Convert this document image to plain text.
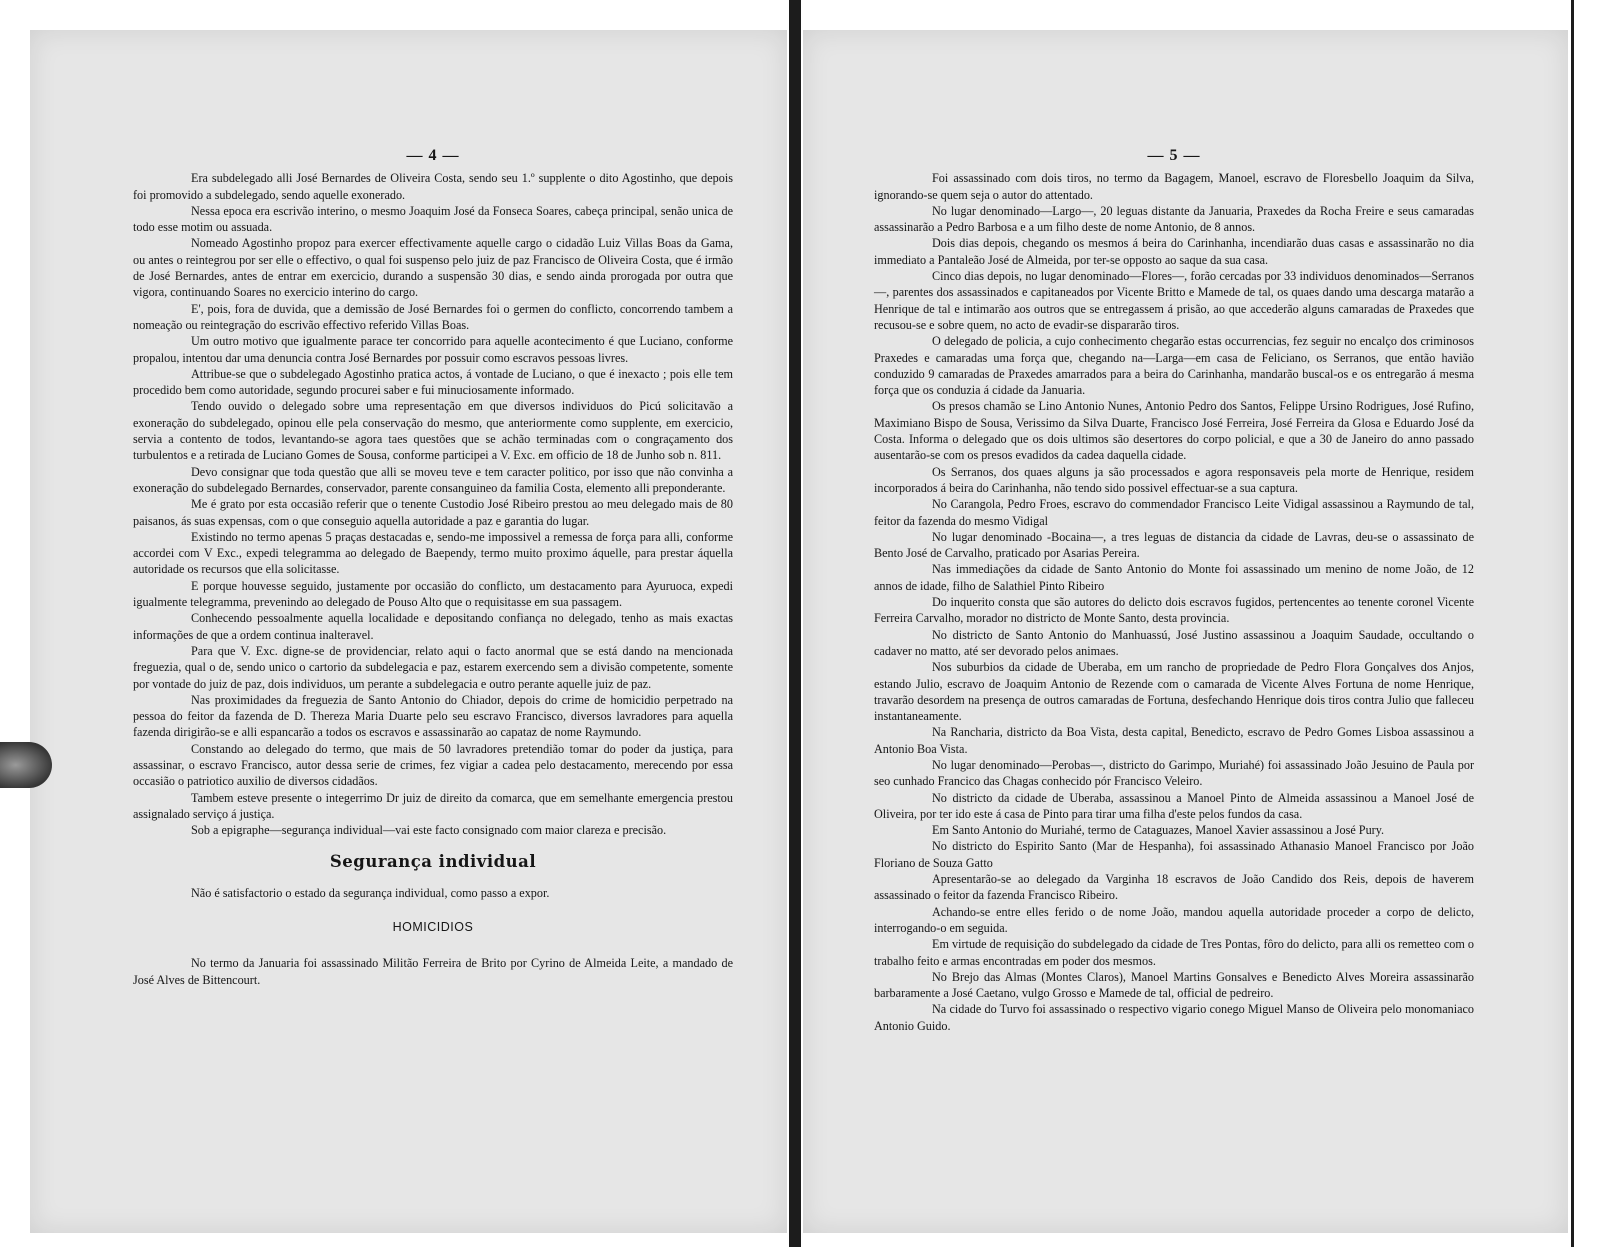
— 4 —

Era subdelegado alli José Bernardes de Oliveira Costa, sendo seu 1.º supplente o dito Agostinho, que depois foi promovido a subdelegado, sendo aquelle exonerado.

Nessa epoca era escrivão interino, o mesmo Joaquim José da Fonseca Soares, cabeça principal, senão unica de todo esse motim ou assuada.

Nomeado Agostinho propoz para exercer effectivamente aquelle cargo o cidadão Luiz Villas Boas da Gama, ou antes o reintegrou por ser elle o effectivo, o qual foi suspenso pelo juiz de paz Francisco de Oliveira Costa, que é irmão de José Bernardes, antes de entrar em exercicio, durando a suspensão 30 dias, e sendo ainda prorogada por outra que vigora, continuando Soares no exercicio interino do cargo.

E', pois, fora de duvida, que a demissão de José Bernardes foi o germen do conflicto, concorrendo tambem a nomeação ou reintegração do escrivão effectivo referido Villas Boas.

Um outro motivo que igualmente parace ter concorrido para aquelle acontecimento é que Luciano, conforme propalou, intentou dar uma denuncia contra José Bernardes por possuir como escravos pessoas livres.

Attribue-se que o subdelegado Agostinho pratica actos, á vontade de Luciano, o que é inexacto ; pois elle tem procedido bem como autoridade, segundo procurei saber e fui minuciosamente informado.

Tendo ouvido o delegado sobre uma representação em que diversos individuos do Picú solicitavão a exoneração do subdelegado, opinou elle pela conservação do mesmo, que anteriormente como supplente, em exercicio, servia a contento de todos, levantando-se agora taes questões que se achão terminadas com o congraçamento dos turbulentos e a retirada de Luciano Gomes de Sousa, conforme participei a V. Exc. em officio de 18 de Junho sob n. 811.

Devo consignar que toda questão que alli se moveu teve e tem caracter politico, por isso que não convinha a exoneração do subdelegado Bernardes, conservador, parente consanguineo da familia Costa, elemento alli preponderante.

Me é grato por esta occasião referir que o tenente Custodio José Ribeiro prestou ao meu delegado mais de 80 paisanos, ás suas expensas, com o que conseguio aquella autoridade a paz e garantia do lugar.

Existindo no termo apenas 5 praças destacadas e, sendo-me impossivel a remessa de força para alli, conforme accordei com V Exc., expedi telegramma ao delegado de Baependy, termo muito proximo áquelle, para prestar áquella autoridade os recursos que ella solicitasse.

E porque houvesse seguido, justamente por occasião do conflicto, um destacamento para Ayuruoca, expedi igualmente telegramma, prevenindo ao delegado de Pouso Alto que o requisitasse em sua passagem.

Conhecendo pessoalmente aquella localidade e depositando confiança no delegado, tenho as mais exactas informações de que a ordem continua inalteravel.

Para que V. Exc. digne-se de providenciar, relato aqui o facto anormal que se está dando na mencionada freguezia, qual o de, sendo unico o cartorio da subdelegacia e paz, estarem exercendo sem a divisão competente, somente por vontade do juiz de paz, dois individuos, um perante a subdelegacia e outro perante aquelle juiz de paz.

Nas proximidades da freguezia de Santo Antonio do Chiador, depois do crime de homicidio perpetrado na pessoa do feitor da fazenda de D. Thereza Maria Duarte pelo seu escravo Francisco, diversos lavradores para aquella fazenda dirigirão-se e alli espancarão a todos os escravos e assassinarão ao capataz de nome Raymundo.

Constando ao delegado do termo, que mais de 50 lavradores pretendião tomar do poder da justiça, para assassinar, o escravo Francisco, autor dessa serie de crimes, fez vigiar a cadea pelo destacamento, merecendo por essa occasião o patriotico auxilio de diversos cidadãos.

Tambem esteve presente o integerrimo Dr juiz de direito da comarca, que em semelhante emergencia prestou assignalado serviço á justiça.

Sob a epigraphe—segurança individual—vai este facto consignado com maior clareza e precisão.

Segurança individual

Não é satisfactorio o estado da segurança individual, como passo a expor.

HOMICIDIOS

No termo da Januaria foi assassinado Militão Ferreira de Brito por Cyrino de Almeida Leite, a mandado de José Alves de Bittencourt.

— 5 —

Foi assassinado com dois tiros, no termo da Bagagem, Manoel, escravo de Floresbello Joaquim da Silva, ignorando-se quem seja o autor do attentado.

No lugar denominado—Largo—, 20 leguas distante da Januaria, Praxedes da Rocha Freire e seus camaradas assassinarão a Pedro Barbosa e a um filho deste de nome Antonio, de 8 annos.

Dois dias depois, chegando os mesmos á beira do Carinhanha, incendiarão duas casas e assassinarão no dia immediato a Pantaleão José de Almeida, por ter-se opposto ao saque da sua casa.

Cinco dias depois, no lugar denominado—Flores—, forão cercadas por 33 individuos denominados—Serranos—, parentes dos assassinados e capitaneados por Vicente Britto e Mamede de tal, os quaes dando uma descarga matarão a Henrique de tal e intimarão aos outros que se entregassem á prisão, ao que accederão alguns camaradas de Praxedes que recusou-se e sobre quem, no acto de evadir-se dispararão tiros.

O delegado de policia, a cujo conhecimento chegarão estas occurrencias, fez seguir no encalço dos criminosos Praxedes e camaradas uma força que, chegando na—Larga—em casa de Feliciano, os Serranos, que então havião conduzido 9 camaradas de Praxedes amarrados para a beira do Carinhanha, mandarão buscal-os e os entregarão á mesma força que os conduzia á cidade da Januaria.

Os presos chamão se Lino Antonio Nunes, Antonio Pedro dos Santos, Felippe Ursino Rodrigues, José Rufino, Maximiano Bispo de Sousa, Verissimo da Silva Duarte, Francisco José Ferreira, José Ferreira da Glosa e Eduardo José da Costa. Informa o delegado que os dois ultimos são desertores do corpo policial, e que a 30 de Janeiro do anno passado ausentarão-se com os presos evadidos da cadea daquella cidade.

Os Serranos, dos quaes alguns ja são processados e agora responsaveis pela morte de Henrique, residem incorporados á beira do Carinhanha, não tendo sido possivel effectuar-se a sua captura.

No Carangola, Pedro Froes, escravo do commendador Francisco Leite Vidigal assassinou a Raymundo de tal, feitor da fazenda do mesmo Vidigal

No lugar denominado -Bocaina—, a tres leguas de distancia da cidade de Lavras, deu-se o assassinato de Bento José de Carvalho, praticado por Asarias Pereira.

Nas immediações da cidade de Santo Antonio do Monte foi assassinado um menino de nome João, de 12 annos de idade, filho de Salathiel Pinto Ribeiro

Do inquerito consta que são autores do delicto dois escravos fugidos, pertencentes ao tenente coronel Vicente Ferreira Carvalho, morador no districto de Monte Santo, desta provincia.

No districto de Santo Antonio do Manhuassú, José Justino assassinou a Joaquim Saudade, occultando o cadaver no matto, até ser devorado pelos animaes.

Nos suburbios da cidade de Uberaba, em um rancho de propriedade de Pedro Flora Gonçalves dos Anjos, estando Julio, escravo de Joaquim Antonio de Rezende com o camarada de Vicente Alves Fortuna de nome Henrique, travarão desordem na presença de outros camaradas de Fortuna, desfechando Henrique dois tiros contra Julio que falleceu instantaneamente.

Na Rancharia, districto da Boa Vista, desta capital, Benedicto, escravo de Pedro Gomes Lisboa assassinou a Antonio Boa Vista.

No lugar denominado—Perobas—, districto do Garimpo, Muriahé) foi assassinado João Jesuino de Paula por seo cunhado Francico das Chagas conhecido pór Francisco Veleiro.

No districto da cidade de Uberaba, assassinou a Manoel Pinto de Almeida assassinou a Manoel José de Oliveira, por ter ido este á casa de Pinto para tirar uma filha d'este pelos fundos da casa.

Em Santo Antonio do Muriahé, termo de Cataguazes, Manoel Xavier assassinou a José Pury.

No districto do Espirito Santo (Mar de Hespanha), foi assassinado Athanasio Manoel Francisco por João Floriano de Souza Gatto

Apresentarão-se ao delegado da Varginha 18 escravos de João Candido dos Reis, depois de haverem assassinado o feitor da fazenda Francisco Ribeiro.

Achando-se entre elles ferido o de nome João, mandou aquella autoridade proceder a corpo de delicto, interrogando-o em seguida.

Em virtude de requisição do subdelegado da cidade de Tres Pontas, fôro do delicto, para alli os remetteo com o trabalho feito e armas encontradas em poder dos mesmos.

No Brejo das Almas (Montes Claros), Manoel Martins Gonsalves e Benedicto Alves Moreira assassinarão barbaramente a José Caetano, vulgo Grosso e Mamede de tal, official de pedreiro.

Na cidade do Turvo foi assassinado o respectivo vigario conego Miguel Manso de Oliveira pelo monomaniaco Antonio Guido.
